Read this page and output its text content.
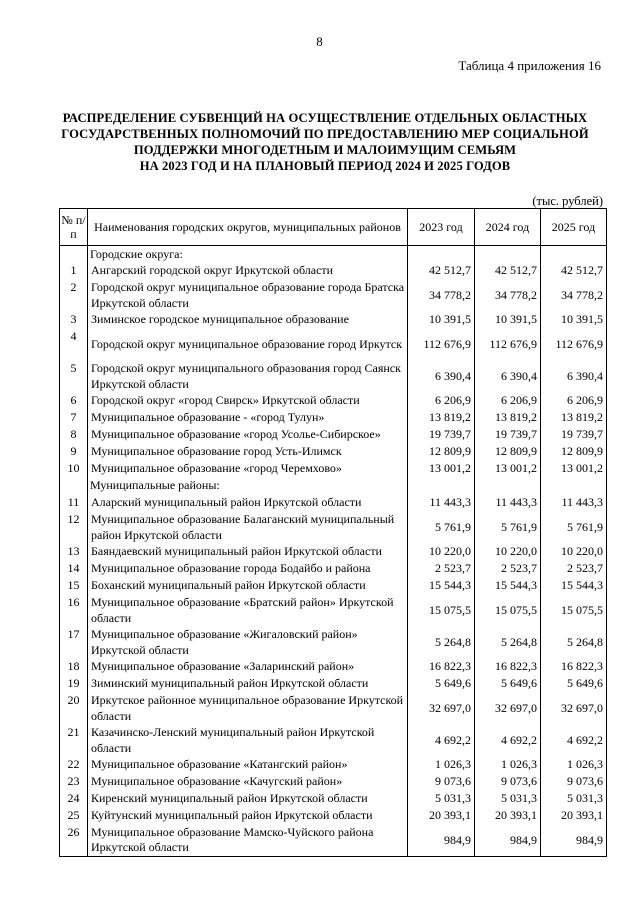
8
Таблица 4 приложения 16
РАСПРЕДЕЛЕНИЕ СУБВЕНЦИЙ НА ОСУЩЕСТВЛЕНИЕ ОТДЕЛЬНЫХ ОБЛАСТНЫХ
ГОСУДАРСТВЕННЫХ ПОЛНОМОЧИЙ ПО ПРЕДОСТАВЛЕНИЮ МЕР СОЦИАЛЬНОЙ
ПОДДЕРЖКИ МНОГОДЕТНЫМ И МАЛОИМУЩИМ СЕМЬЯМ
НА 2023 ГОД И НА ПЛАНОВЫЙ ПЕРИОД 2024 И 2025 ГОДОВ
(тыс. рублей)
№ п/п	Наименования городских округов, муниципальных районов	2023 год	2024 год	2025 год
	Городские округа:			
1	Ангарский городской округ Иркутской области	42 512,7	42 512,7	42 512,7
2	Городской округ муниципальное образование города Братска Иркутской области	34 778,2	34 778,2	34 778,2
3	Зиминское городское муниципальное образование	10 391,5	10 391,5	10 391,5
4	Городской округ муниципальное образование город Иркутск	112 676,9	112 676,9	112 676,9
5	Городской округ муниципального образования город Саянск Иркутской области	6 390,4	6 390,4	6 390,4
6	Городской округ «город Свирск» Иркутской области	6 206,9	6 206,9	6 206,9
7	Муниципальное образование - «город Тулун»	13 819,2	13 819,2	13 819,2
8	Муниципальное образование «город Усолье-Сибирское»	19 739,7	19 739,7	19 739,7
9	Муниципальное образование город Усть-Илимск	12 809,9	12 809,9	12 809,9
10	Муниципальное образование «город Черемхово»	13 001,2	13 001,2	13 001,2
	Муниципальные районы:			
11	Аларский муниципальный район Иркутской области	11 443,3	11 443,3	11 443,3
12	Муниципальное образование Балаганский муниципальный район Иркутской области	5 761,9	5 761,9	5 761,9
13	Баяндаевский муниципальный район Иркутской области	10 220,0	10 220,0	10 220,0
14	Муниципальное образование города Бодайбо и района	2 523,7	2 523,7	2 523,7
15	Боханский муниципальный район Иркутской области	15 544,3	15 544,3	15 544,3
16	Муниципальное образование «Братский район» Иркутской области	15 075,5	15 075,5	15 075,5
17	Муниципальное образование «Жигаловский район» Иркутской области	5 264,8	5 264,8	5 264,8
18	Муниципальное образование «Заларинский район»	16 822,3	16 822,3	16 822,3
19	Зиминский муниципальный район Иркутской области	5 649,6	5 649,6	5 649,6
20	Иркутское районное муниципальное образование Иркутской области	32 697,0	32 697,0	32 697,0
21	Казачинско-Ленский муниципальный район Иркутской области	4 692,2	4 692,2	4 692,2
22	Муниципальное образование «Катангский район»	1 026,3	1 026,3	1 026,3
23	Муниципальное образование «Качугский район»	9 073,6	9 073,6	9 073,6
24	Киренский муниципальный район Иркутской области	5 031,3	5 031,3	5 031,3
25	Куйтунский муниципальный район Иркутской области	20 393,1	20 393,1	20 393,1
26	Муниципальное образование Мамско-Чуйского района Иркутской области	984,9	984,9	984,9
